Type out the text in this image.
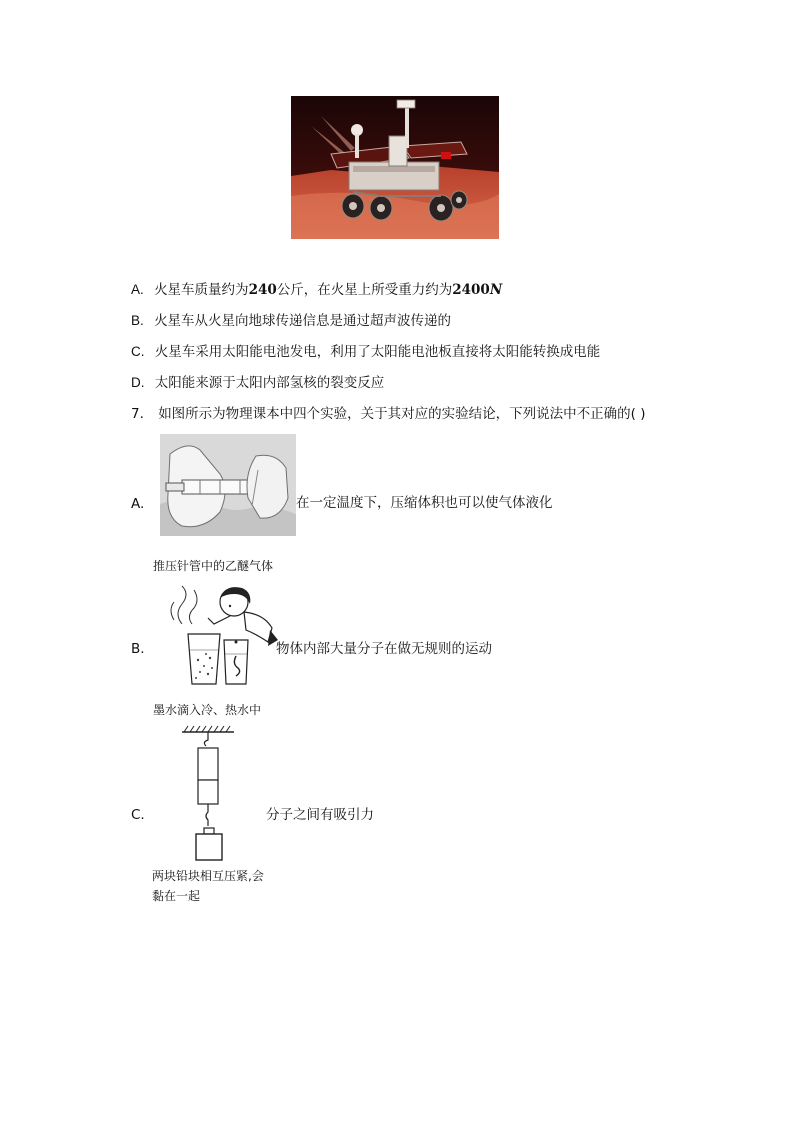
A. 火星车质量约为240公斤，在火星上所受重力约为2400N
B. 火星车从火星向地球传递信息是通过超声波传递的
C. 火星车采用太阳能电池发电，利用了太阳能电池板直接将太阳能转换成电能
D. 太阳能来源于太阳内部氢核的裂变反应
7. 如图所示为物理课本中四个实验，关于其对应的实验结论，下列说法中不正确的( )
A.	在一定温度下，压缩体积也可以使气体液化
推压针管中的乙醚气体
B.	物体内部大量分子在做无规则的运动
墨水滴入冷、热水中
C.	分子之间有吸引力
两块铅块相互压紧,会
黏在一起
